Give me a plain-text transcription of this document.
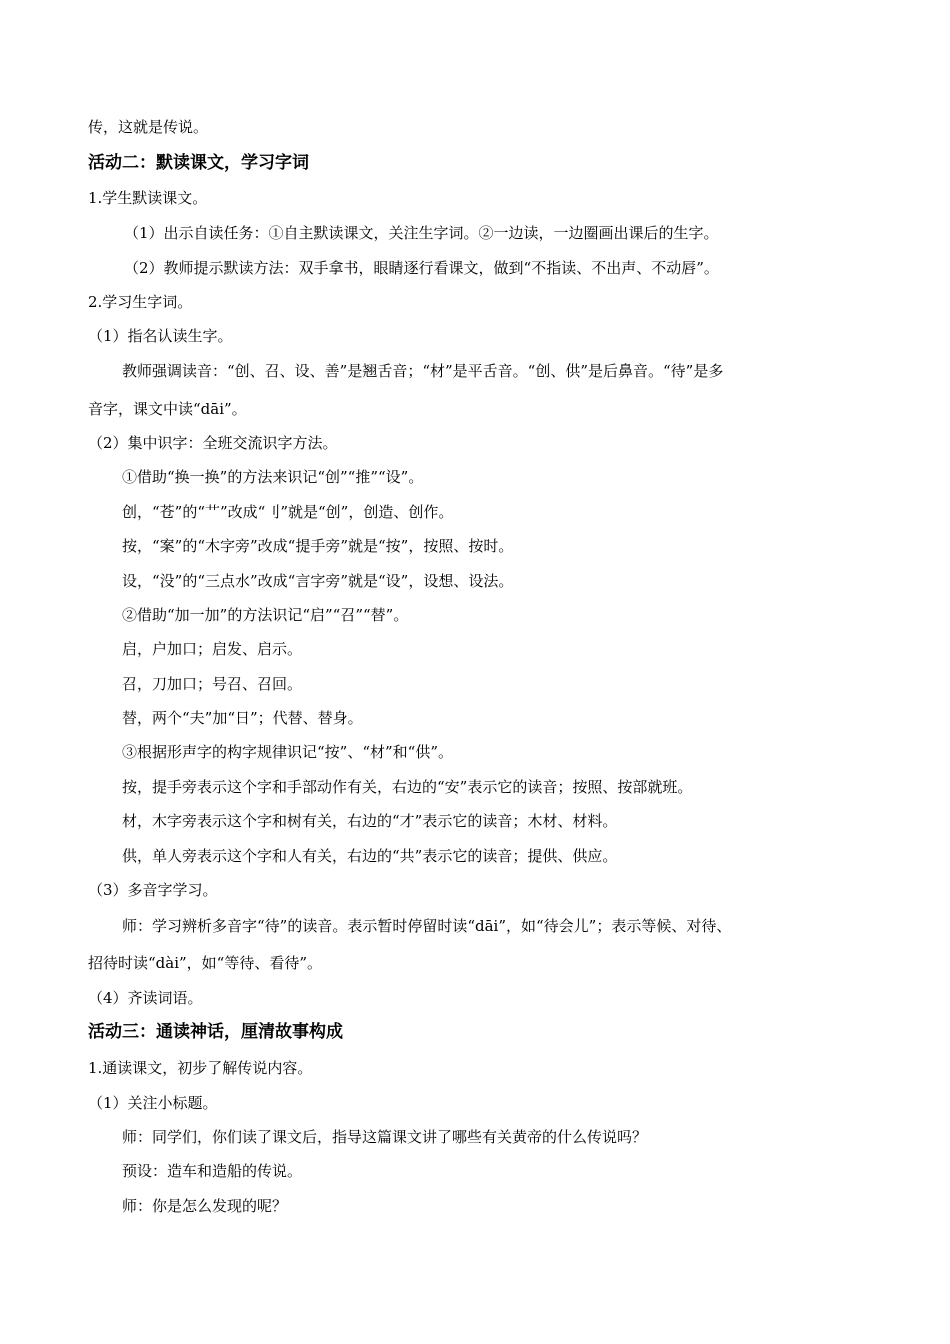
传，这就是传说。
活动二：默读课文，学习字词
1.学生默读课文。
（1）出示自读任务：①自主默读课文，关注生字词。②一边读，一边圈画出课后的生字。
（2）教师提示默读方法：双手拿书，眼睛逐行看课文，做到“不指读、不出声、不动唇”。
2.学习生字词。
（1）指名认读生字。
教师强调读音：“创、召、设、善”是翘舌音；“材”是平舌音。“创、供”是后鼻音。“待”是多
音字，课文中读“dāi”。
（2）集中识字：全班交流识字方法。
①借助“换一换”的方法来识记“创”“推”“设”。
创，“苍”的“艹”改成“刂”就是“创”，创造、创作。
按，“案”的“木字旁”改成“提手旁”就是“按”，按照、按时。
设，“没”的“三点水”改成“言字旁”就是“设”，设想、设法。
②借助“加一加”的方法识记“启”“召”“替”。
启，户加口；启发、启示。
召，刀加口；号召、召回。
替，两个“夫”加“日”；代替、替身。
③根据形声字的构字规律识记“按”、“材”和“供”。
按，提手旁表示这个字和手部动作有关，右边的“安”表示它的读音；按照、按部就班。
材，木字旁表示这个字和树有关，右边的“才”表示它的读音；木材、材料。
供，单人旁表示这个字和人有关，右边的“共”表示它的读音；提供、供应。
（3）多音字学习。
师：学习辨析多音字“待”的读音。表示暂时停留时读“dāi”，如“待会儿”；表示等候、对待、
招待时读“dài”，如“等待、看待”。
（4）齐读词语。
活动三：通读神话，厘清故事构成
1.通读课文，初步了解传说内容。
（1）关注小标题。
师：同学们，你们读了课文后，指导这篇课文讲了哪些有关黄帝的什么传说吗？
预设：造车和造船的传说。
师：你是怎么发现的呢？
